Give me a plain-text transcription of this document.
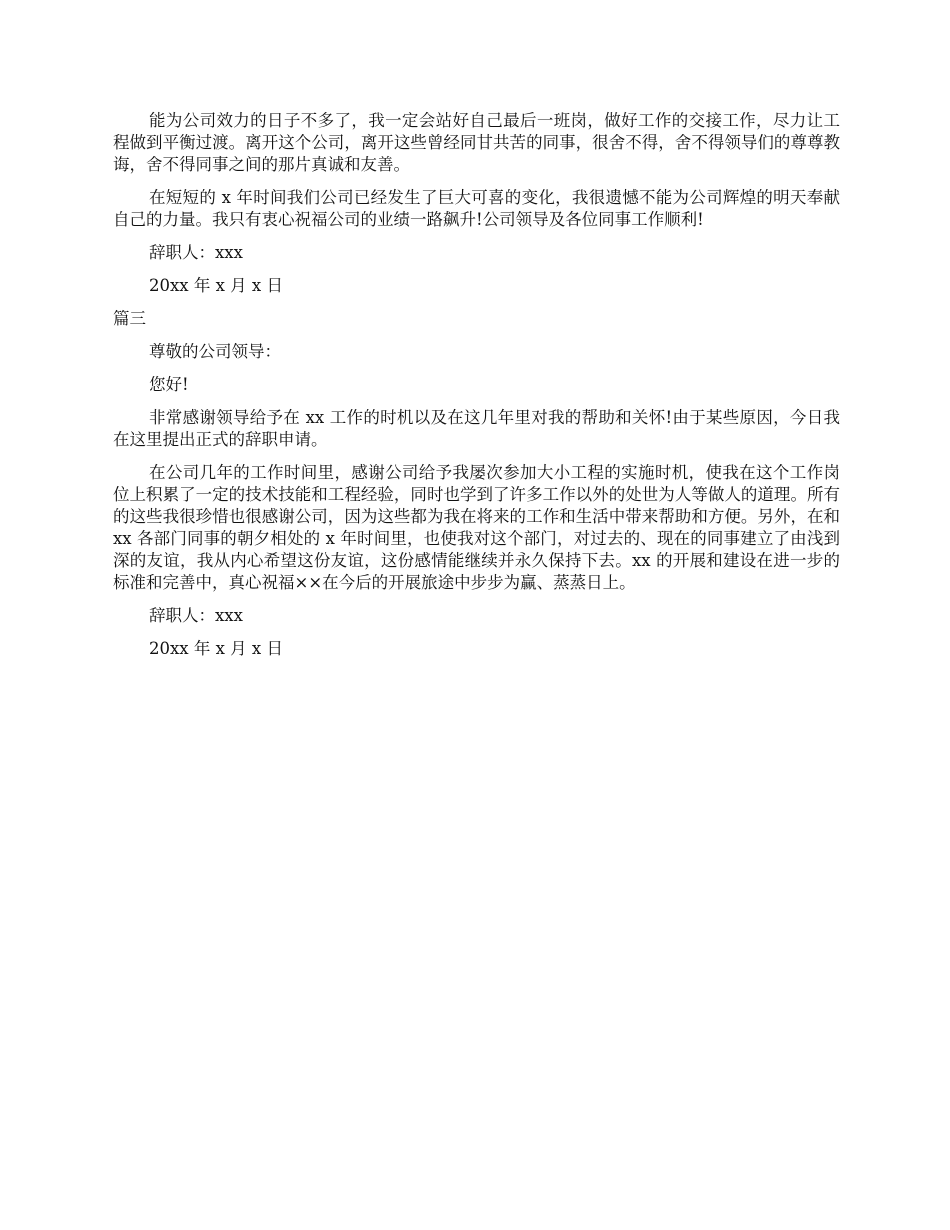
能为公司效力的日子不多了，我一定会站好自己最后一班岗，做好工作的交接工作，尽力让工程做到平衡过渡。离开这个公司，离开这些曾经同甘共苦的同事，很舍不得，舍不得领导们的尊尊教诲，舍不得同事之间的那片真诚和友善。

在短短的 x 年时间我们公司已经发生了巨大可喜的变化，我很遗憾不能为公司辉煌的明天奉献自己的力量。我只有衷心祝福公司的业绩一路飙升!公司领导及各位同事工作顺利!

辞职人：xxx

20xx 年 x 月 x 日

篇三

尊敬的公司领导：

您好!

非常感谢领导给予在 xx 工作的时机以及在这几年里对我的帮助和关怀!由于某些原因，今日我在这里提出正式的辞职申请。

在公司几年的工作时间里，感谢公司给予我屡次参加大小工程的实施时机，使我在这个工作岗位上积累了一定的技术技能和工程经验，同时也学到了许多工作以外的处世为人等做人的道理。所有的这些我很珍惜也很感谢公司，因为这些都为我在将来的工作和生活中带来帮助和方便。另外，在和 xx 各部门同事的朝夕相处的 x 年时间里，也使我对这个部门，对过去的、现在的同事建立了由浅到深的友谊，我从内心希望这份友谊，这份感情能继续并永久保持下去。xx 的开展和建设在进一步的标准和完善中，真心祝福××在今后的开展旅途中步步为赢、蒸蒸日上。

辞职人：xxx

20xx 年 x 月 x 日
